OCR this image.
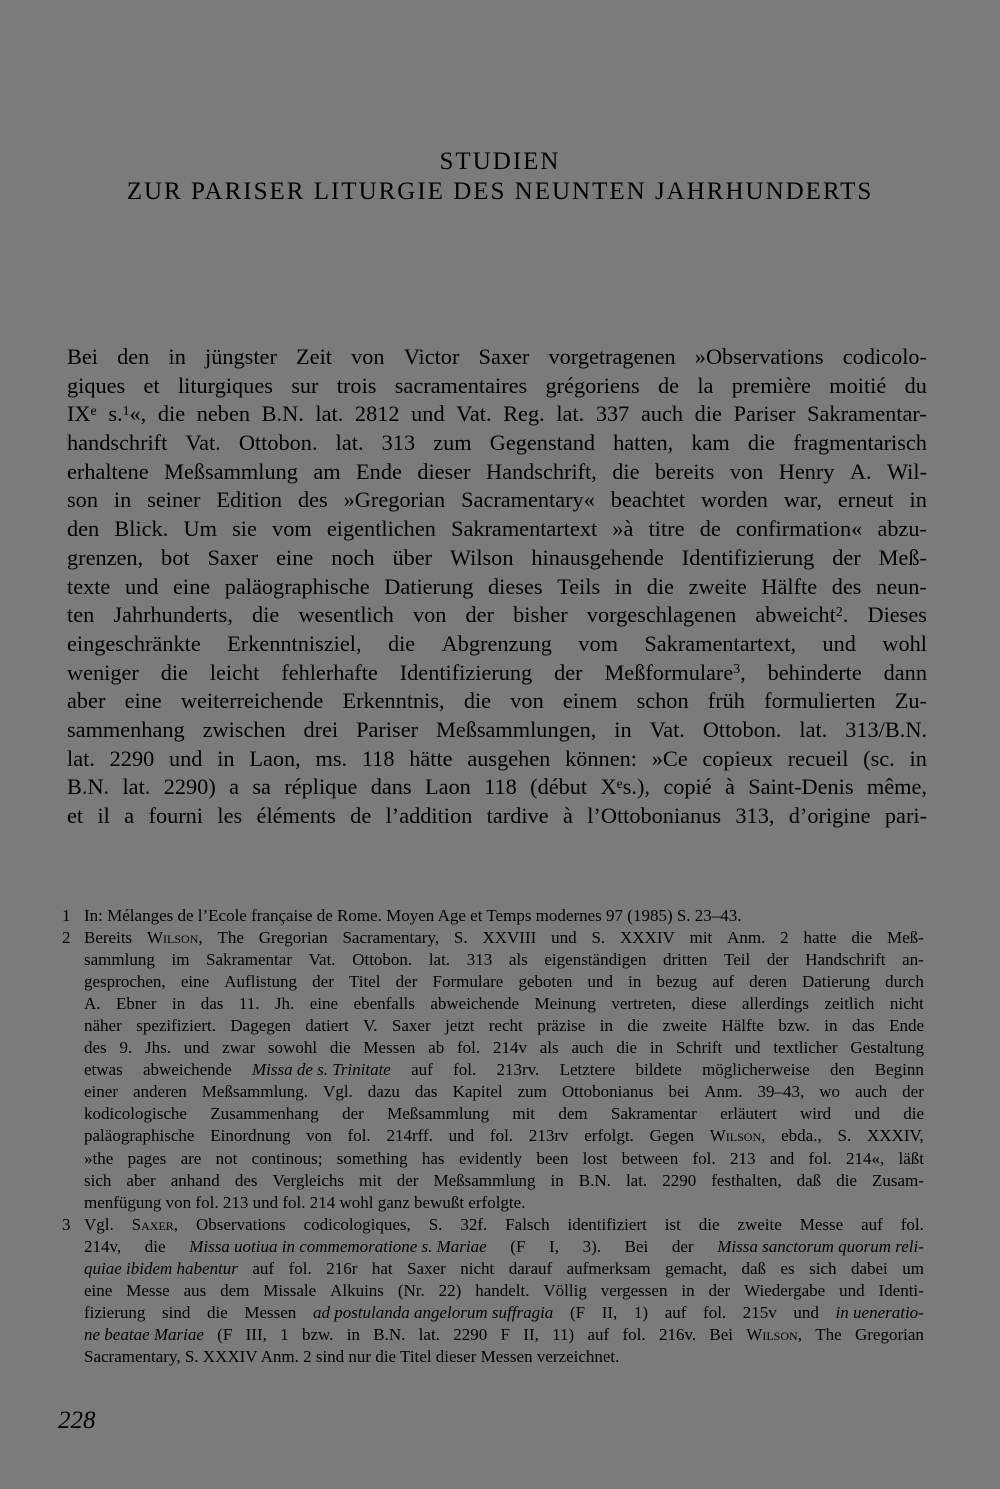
STUDIEN
ZUR PARISER LITURGIE DES NEUNTEN JAHRHUNDERTS
Bei den in jüngster Zeit von Victor Saxer vorgetragenen »Observations codicolo-
giques et liturgiques sur trois sacramentaires grégoriens de la première moitié du
IXe s.$^1$«, die neben B.N. lat. 2812 und Vat. Reg. lat. 337 auch die Pariser Sakramentar-
handschrift Vat. Ottobon. lat. 313 zum Gegenstand hatten, kam die fragmentarisch
erhaltene Meßsammlung am Ende dieser Handschrift, die bereits von Henry A. Wil-
son in seiner Edition des »Gregorian Sacramentary« beachtet worden war, erneut in
den Blick. Um sie vom eigentlichen Sakramentartext »à titre de confirmation« abzu-
grenzen, bot Saxer eine noch über Wilson hinausgehende Identifizierung der Meß-
texte und eine paläographische Datierung dieses Teils in die zweite Hälfte des neun-
ten Jahrhunderts, die wesentlich von der bisher vorgeschlagenen abweicht$^2$. Dieses
eingeschränkte Erkenntnisziel, die Abgrenzung vom Sakramentartext, und wohl
weniger die leicht fehlerhafte Identifizierung der Meßformulare$^3$, behinderte dann
aber eine weiterreichende Erkenntnis, die von einem schon früh formulierten Zu-
sammenhang zwischen drei Pariser Meßsammlungen, in Vat. Ottobon. lat. 313/B.N.
lat. 2290 und in Laon, ms. 118 hätte ausgehen können: »Ce copieux recueil (sc. in
B.N. lat. 2290) a sa réplique dans Laon 118 (début Xes.), copié à Saint-Denis même,
et il a fourni les éléments de l’addition tardive à l’Ottobonianus 313, d’origine pari-
1 In: Mélanges de l’Ecole française de Rome. Moyen Age et Temps modernes 97 (1985) S. 23–43.
2 Bereits Wilson, The Gregorian Sacramentary, S. XXVIII und S. XXXIV mit Anm. 2 hatte die Meß-
sammlung im Sakramentar Vat. Ottobon. lat. 313 als eigenständigen dritten Teil der Handschrift an-
gesprochen, eine Auflistung der Titel der Formulare geboten und in bezug auf deren Datierung durch
A. Ebner in das 11. Jh. eine ebenfalls abweichende Meinung vertreten, diese allerdings zeitlich nicht
näher spezifiziert. Dagegen datiert V. Saxer jetzt recht präzise in die zweite Hälfte bzw. in das Ende
des 9. Jhs. und zwar sowohl die Messen ab fol. 214v als auch die in Schrift und textlicher Gestaltung
etwas abweichende Missa de s. Trinitate auf fol. 213rv. Letztere bildete möglicherweise den Beginn
einer anderen Meßsammlung. Vgl. dazu das Kapitel zum Ottobonianus bei Anm. 39–43, wo auch der
kodicologische Zusammenhang der Meßsammlung mit dem Sakramentar erläutert wird und die
paläographische Einordnung von fol. 214rff. und fol. 213rv erfolgt. Gegen Wilson, ebda., S. XXXIV,
»the pages are not continous; something has evidently been lost between fol. 213 and fol. 214«, läßt
sich aber anhand des Vergleichs mit der Meßsammlung in B.N. lat. 2290 festhalten, daß die Zusam-
menfügung von fol. 213 und fol. 214 wohl ganz bewußt erfolgte.
3 Vgl. Saxer, Observations codicologiques, S. 32f. Falsch identifiziert ist die zweite Messe auf fol.
214v, die Missa uotiua in commemoratione s. Mariae (F I, 3). Bei der Missa sanctorum quorum reli-
quiae ibidem habentur auf fol. 216r hat Saxer nicht darauf aufmerksam gemacht, daß es sich dabei um
eine Messe aus dem Missale Alkuins (Nr. 22) handelt. Völlig vergessen in der Wiedergabe und Identi-
fizierung sind die Messen ad postulanda angelorum suffragia (F II, 1) auf fol. 215v und in ueneratio-
ne beatae Mariae (F III, 1 bzw. in B.N. lat. 2290 F II, 11) auf fol. 216v. Bei Wilson, The Gregorian
Sacramentary, S. XXXIV Anm. 2 sind nur die Titel dieser Messen verzeichnet.
228
